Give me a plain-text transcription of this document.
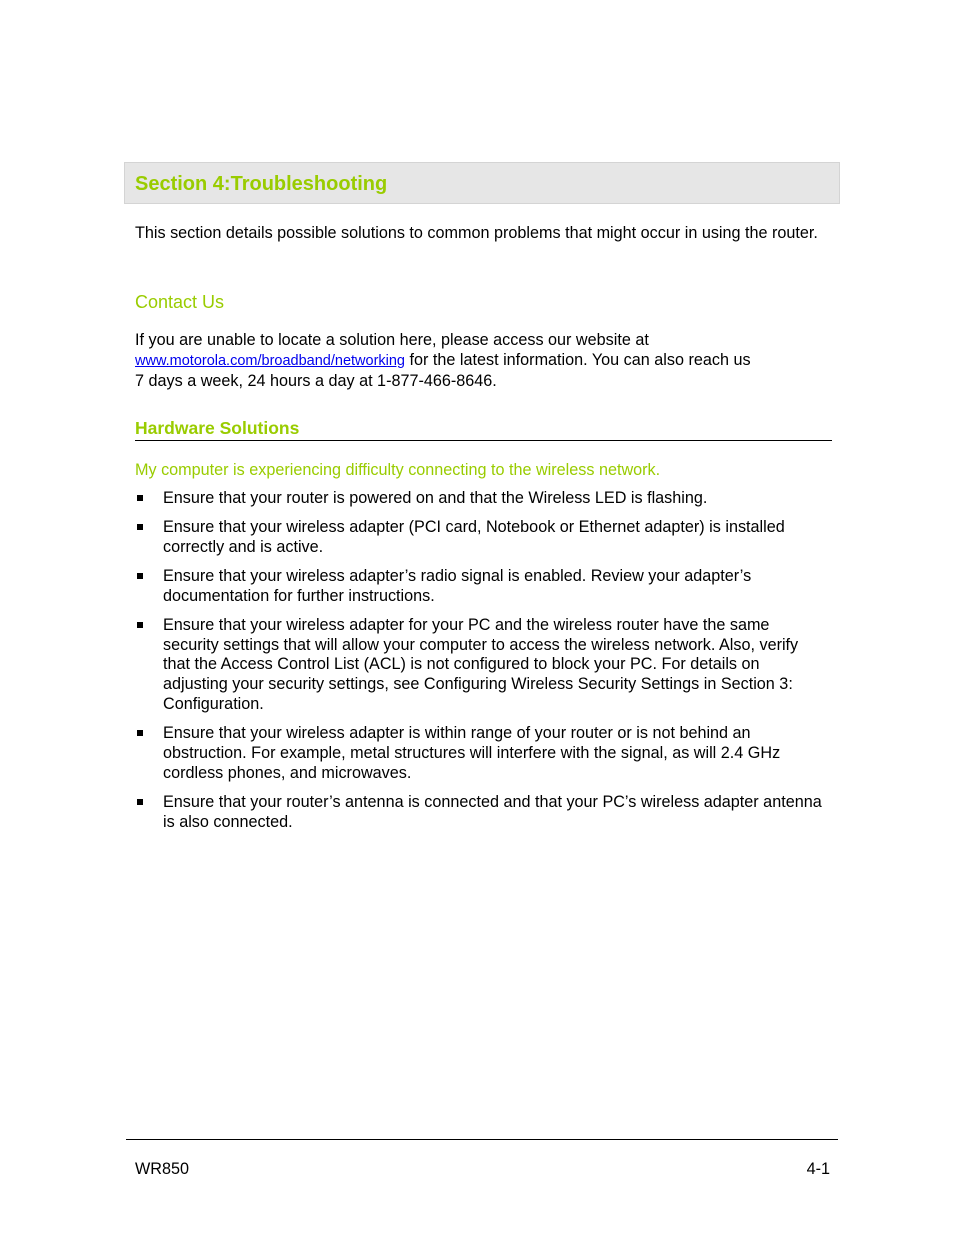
Section 4:Troubleshooting

This section details possible solutions to common problems that might occur in using the router.

Contact Us

If you are unable to locate a solution here, please access our website at
www.motorola.com/broadband/networking for the latest information. You can also reach us
7 days a week, 24 hours a day at 1-877-466-8646.

Hardware Solutions

My computer is experiencing difficulty connecting to the wireless network.

Ensure that your router is powered on and that the Wireless LED is flashing.
Ensure that your wireless adapter (PCI card, Notebook or Ethernet adapter) is installed correctly and is active.
Ensure that your wireless adapter’s radio signal is enabled. Review your adapter’s documentation for further instructions.
Ensure that your wireless adapter for your PC and the wireless router have the same security settings that will allow your computer to access the wireless network. Also, verify that the Access Control List (ACL) is not configured to block your PC. For details on adjusting your security settings, see Configuring Wireless Security Settings in Section 3: Configuration.
Ensure that your wireless adapter is within range of your router or is not behind an obstruction. For example, metal structures will interfere with the signal, as will 2.4 GHz cordless phones, and microwaves.
Ensure that your router’s antenna is connected and that your PC’s wireless adapter antenna is also connected.
WR850	4-1
